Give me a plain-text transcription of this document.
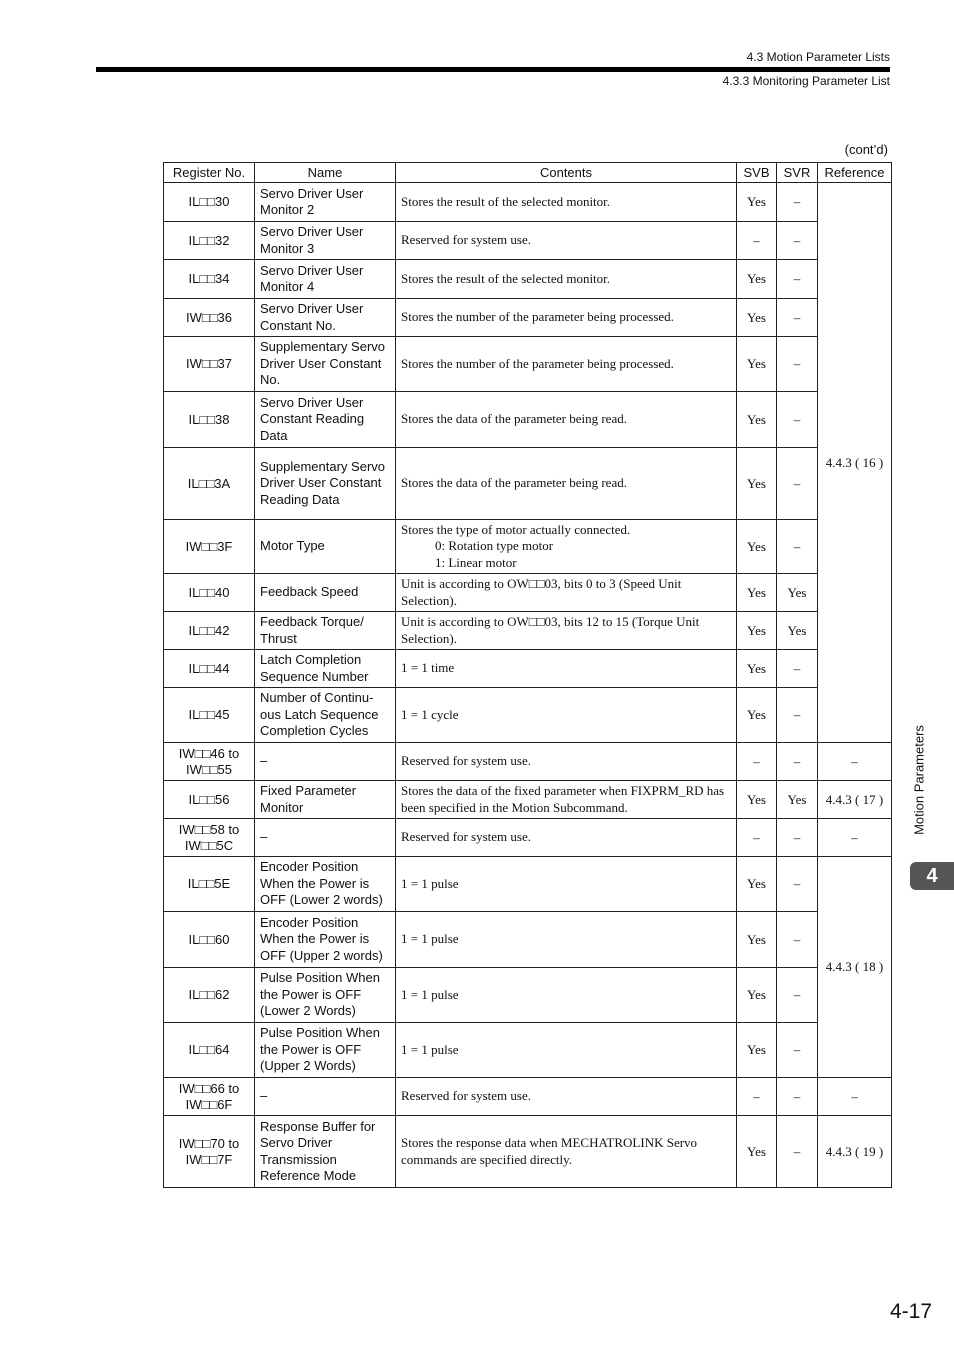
4.3 Motion Parameter Lists
4.3.3 Monitoring Parameter List
(cont’d)
Register No.	Name	Contents	SVB	SVR	Reference
IL□□30	Servo Driver User Monitor 2	Stores the result of the selected monitor.	Yes	–	4.4.3 ( 16 )
IL□□32	Servo Driver User Monitor 3	Reserved for system use.	–	–	
IL□□34	Servo Driver User Monitor 4	Stores the result of the selected monitor.	Yes	–	
IW□□36	Servo Driver User Constant No.	Stores the number of the parameter being processed.	Yes	–	
IW□□37	Supplementary Servo Driver User Constant No.	Stores the number of the parameter being processed.	Yes	–	
IL□□38	Servo Driver User Constant Reading Data	Stores the data of the parameter being read.	Yes	–	
IL□□3A	Supplementary Servo Driver User Constant Reading Data	Stores the data of the parameter being read.	Yes	–	
IW□□3F	Motor Type	Stores the type of motor actually connected.
0: Rotation type motor
1: Linear motor	Yes	–	
IL□□40	Feedback Speed	Unit is according to OW□□03, bits 0 to 3 (Speed Unit Selection).	Yes	Yes	
IL□□42	Feedback Torque/ Thrust	Unit is according to OW□□03, bits 12 to 15 (Torque Unit Selection).	Yes	Yes	
IL□□44	Latch Completion Sequence Number	1 = 1 time	Yes	–	
IL□□45	Number of Continu-ous Latch Sequence Completion Cycles	1 = 1 cycle	Yes	–	
IW□□46 to IW□□55	–	Reserved for system use.	–	–	–
IL□□56	Fixed Parameter Monitor	Stores the data of the fixed parameter when FIXPRM_RD has been specified in the Motion Subcommand.	Yes	Yes	4.4.3 ( 17 )
IW□□58 to IW□□5C	–	Reserved for system use.	–	–	–
IL□□5E	Encoder Position When the Power is OFF (Lower 2 words)	1 = 1 pulse	Yes	–	4.4.3 ( 18 )
IL□□60	Encoder Position When the Power is OFF (Upper 2 words)	1 = 1 pulse	Yes	–	
IL□□62	Pulse Position When the Power is OFF (Lower 2 Words)	1 = 1 pulse	Yes	–	
IL□□64	Pulse Position When the Power is OFF (Upper 2 Words)	1 = 1 pulse	Yes	–	
IW□□66 to IW□□6F	–	Reserved for system use.	–	–	–
IW□□70 to IW□□7F	Response Buffer for Servo Driver Transmission Reference Mode	Stores the response data when MECHATROLINK Servo commands are specified directly.	Yes	–	4.4.3 ( 19 )
Motion Parameters
4
4-17
